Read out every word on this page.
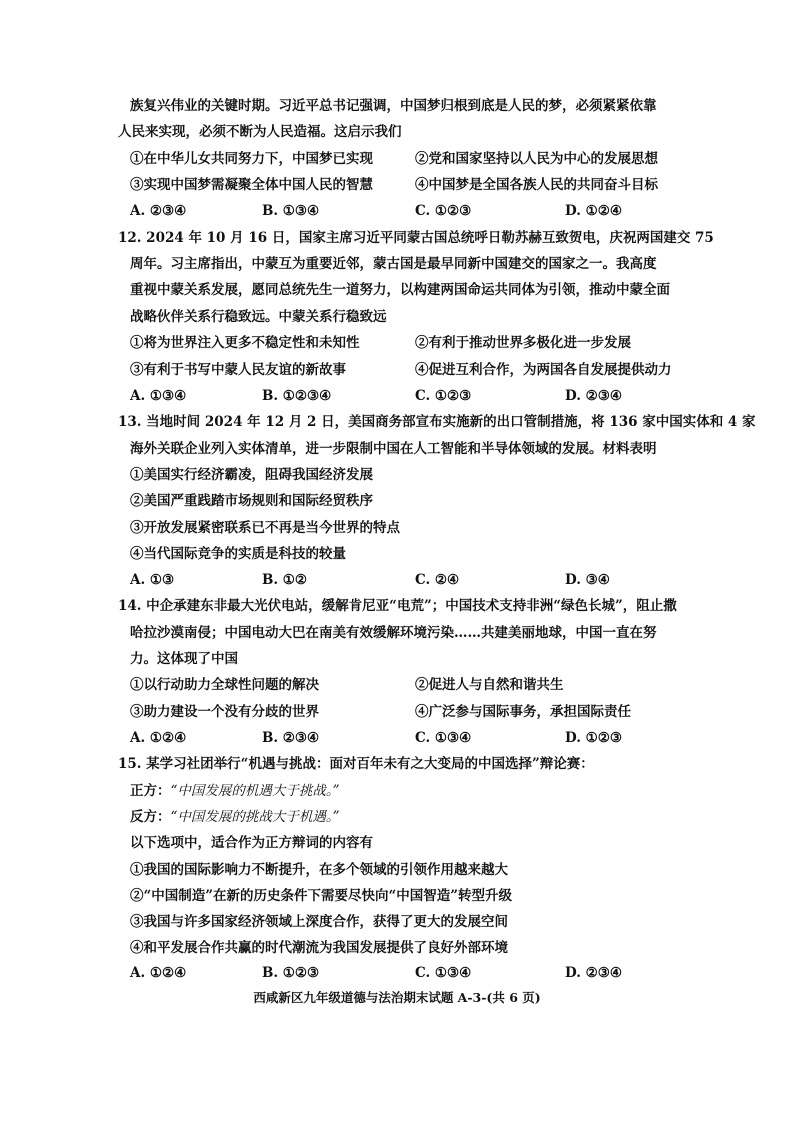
族复兴伟业的关键时期。习近平总书记强调，中国梦归根到底是人民的梦，必须紧紧依靠
人民来实现，必须不断为人民造福。这启示我们
①在中华儿女共同努力下，中国梦已实现	②党和国家坚持以人民为中心的发展思想
③实现中国梦需凝聚全体中国人民的智慧	④中国梦是全国各族人民的共同奋斗目标
A. ②③④	B. ①③④	C. ①②③	D. ①②④
12. 2024 年 10 月 16 日，国家主席习近平同蒙古国总统呼日勒苏赫互致贺电，庆祝两国建交 75
周年。习主席指出，中蒙互为重要近邻，蒙古国是最早同新中国建交的国家之一。我高度
重视中蒙关系发展，愿同总统先生一道努力，以构建两国命运共同体为引领，推动中蒙全面
战略伙伴关系行稳致远。中蒙关系行稳致远
①将为世界注入更多不稳定性和未知性	②有利于推动世界多极化进一步发展
③有利于书写中蒙人民友谊的新故事	④促进互利合作，为两国各自发展提供动力
A. ①③④	B. ①②③④	C. ①②③	D. ②③④
13. 当地时间 2024 年 12 月 2 日，美国商务部宣布实施新的出口管制措施，将 136 家中国实体和 4 家
海外关联企业列入实体清单，进一步限制中国在人工智能和半导体领域的发展。材料表明
①美国实行经济霸凌，阻碍我国经济发展
②美国严重践踏市场规则和国际经贸秩序
③开放发展紧密联系已不再是当今世界的特点
④当代国际竞争的实质是科技的较量
A. ①③	B. ①②	C. ②④	D. ③④
14. 中企承建东非最大光伏电站，缓解肯尼亚“电荒”；中国技术支持非洲“绿色长城”，阻止撒
哈拉沙漠南侵；中国电动大巴在南美有效缓解环境污染……共建美丽地球，中国一直在努
力。这体现了中国
①以行动助力全球性问题的解决	②促进人与自然和谐共生
③助力建设一个没有分歧的世界	④广泛参与国际事务，承担国际责任
A. ①②④	B. ②③④	C. ①③④	D. ①②③
15. 某学习社团举行“机遇与挑战：面对百年未有之大变局的中国选择”辩论赛：
正方：“中国发展的机遇大于挑战。”
反方：“中国发展的挑战大于机遇。”
以下选项中，适合作为正方辩词的内容有
①我国的国际影响力不断提升，在多个领域的引领作用越来越大
②“中国制造”在新的历史条件下需要尽快向“中国智造”转型升级
③我国与许多国家经济领域上深度合作，获得了更大的发展空间
④和平发展合作共赢的时代潮流为我国发展提供了良好外部环境
A. ①②④	B. ①②③	C. ①③④	D. ②③④
西咸新区九年级道德与法治期末试题 A-3-(共 6 页)
